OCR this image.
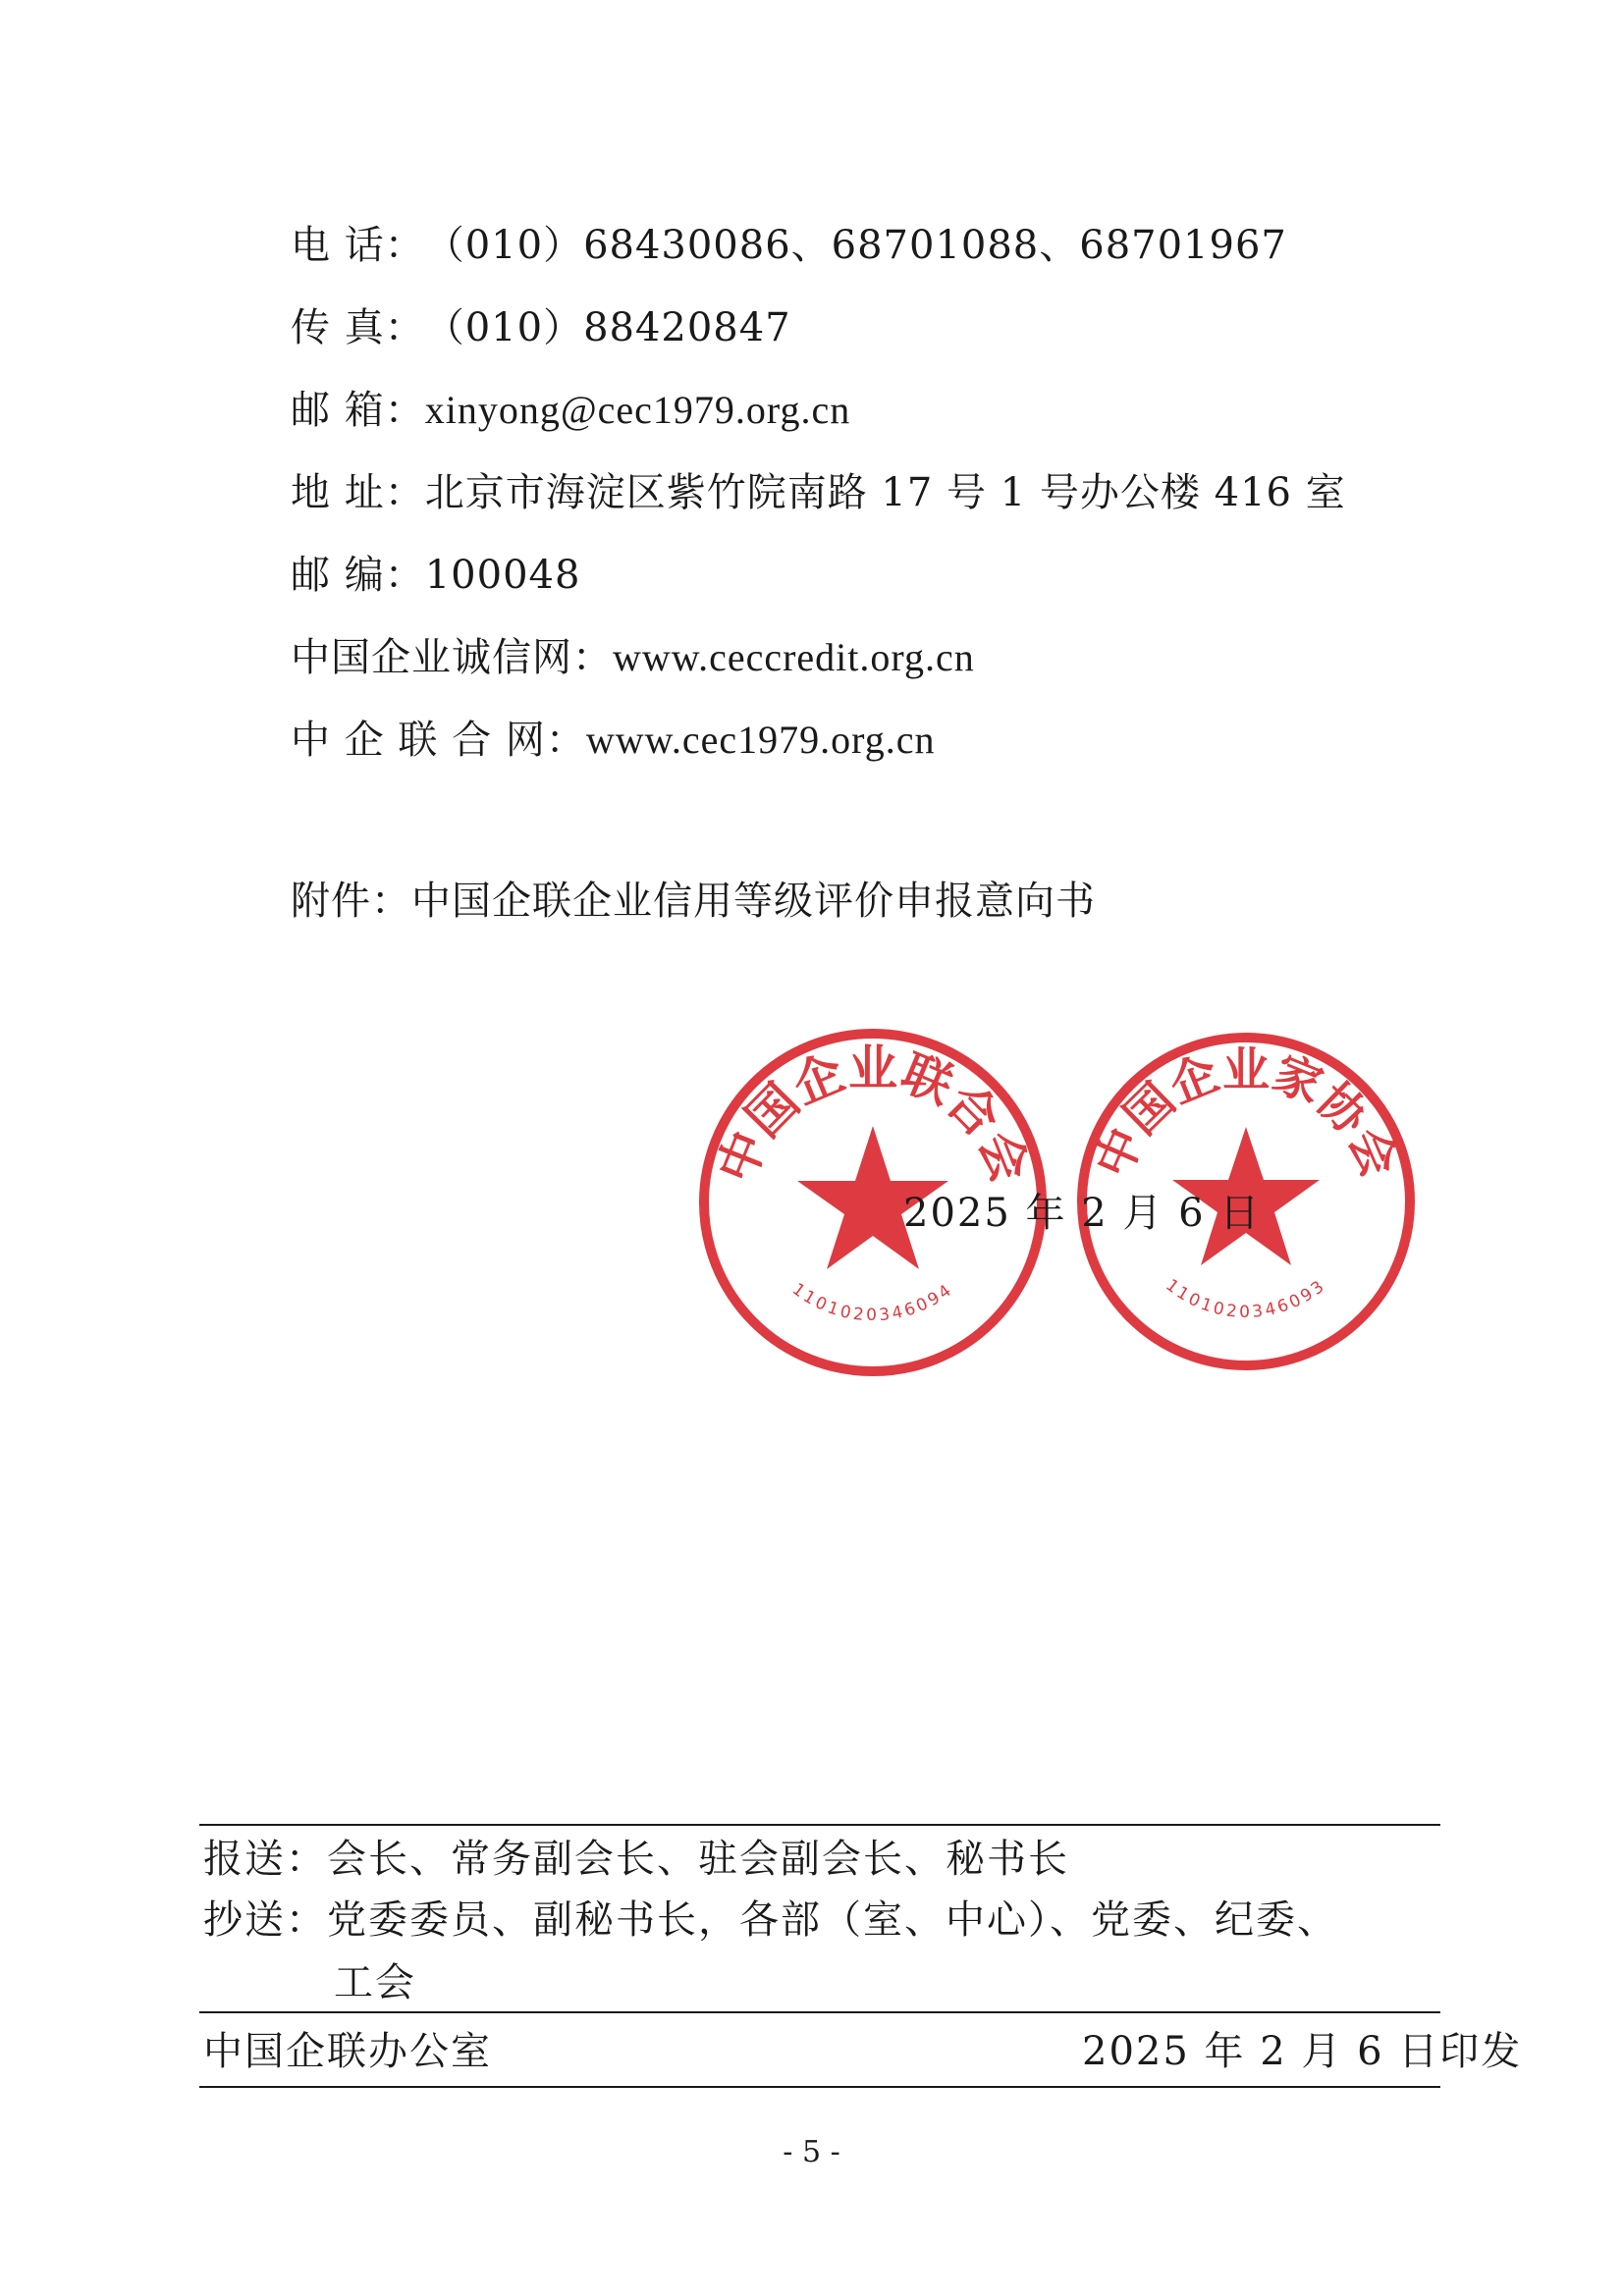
电 话：（010）68430086、68701088、68701967
传 真：（010）88420847
邮 箱：xinyong@cec1979.org.cn
地 址：北京市海淀区紫竹院南路 17 号 1 号办公楼 416 室
邮 编：100048
中国企业诚信网：www.ceccredit.org.cn
中 企 联 合 网：www.cec1979.org.cn
附件：中国企联企业信用等级评价申报意向书
中国企业联合会
1101020346094
中国企业家协会
1101020346093
2025 年 2 月 6 日
报送：会长、常务副会长、驻会副会长、秘书长
抄送：党委委员、副秘书长，各部（室、中心）、党委、纪委、
工会
中国企联办公室	2025 年 2 月 6 日印发
- 5 -
